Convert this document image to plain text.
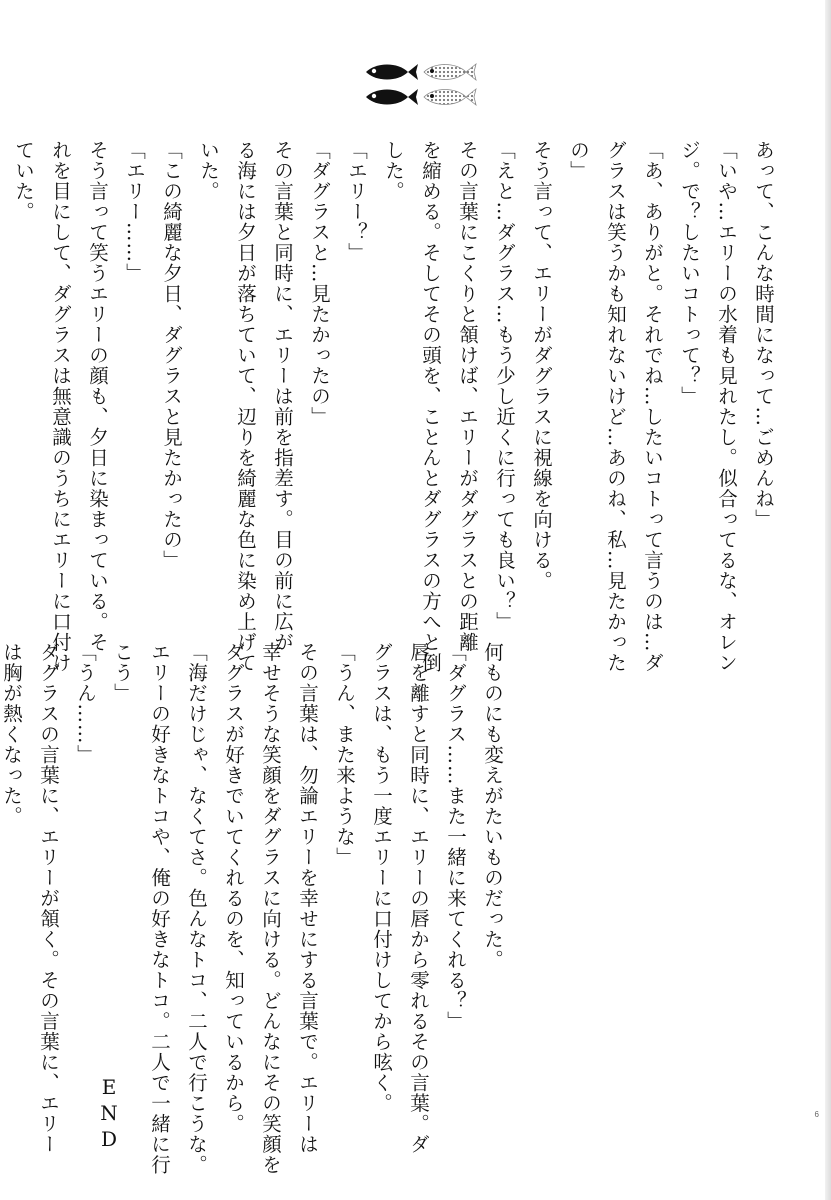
あって、こんな時間になって…ごめんね」
「いや…エリーの水着も見れたし。似合ってるな、オレン
ジ。で？したいコトって？」
「あ、ありがと。それでね…したいコトって言うのは…ダ
グラスは笑うかも知れないけど…あのね、私…見たかった
の」
そう言って、エリーがダグラスに視線を向ける。
「えと…ダグラス…もう少し近くに行っても良い？」
その言葉にこくりと頷けば、エリーがダグラスとの距離
を縮める。そしてその頭を、ことんとダグラスの方へと倒
した。
「エリー？」
「ダグラスと…見たかったの」
その言葉と同時に、エリーは前を指差す。目の前に広が
る海には夕日が落ちていて、辺りを綺麗な色に染め上げて
いた。
「この綺麗な夕日、ダグラスと見たかったの」
「エリー……」
そう言って笑うエリーの顔も、夕日に染まっている。そ
れを目にして、ダグラスは無意識のうちにエリーに口付け
ていた。
何ものにも変えがたいものだった。
「ダグラス……また一緒に来てくれる？」
唇を離すと同時に、エリーの唇から零れるその言葉。ダ
グラスは、もう一度エリーに口付けしてから呟く。
「うん、また来ような」
その言葉は、勿論エリーを幸せにする言葉で。エリーは
幸せそうな笑顔をダグラスに向ける。どんなにその笑顔を
ダグラスが好きでいてくれるのを、知っているから。
「海だけじゃ、なくてさ。色んなトコ、二人で行こうな。
エリーの好きなトコや、俺の好きなトコ。二人で一緒に行
こう」
「うん……」
ダグラスの言葉に、エリーが頷く。その言葉に、エリー
は胸が熱くなった。
END	6
